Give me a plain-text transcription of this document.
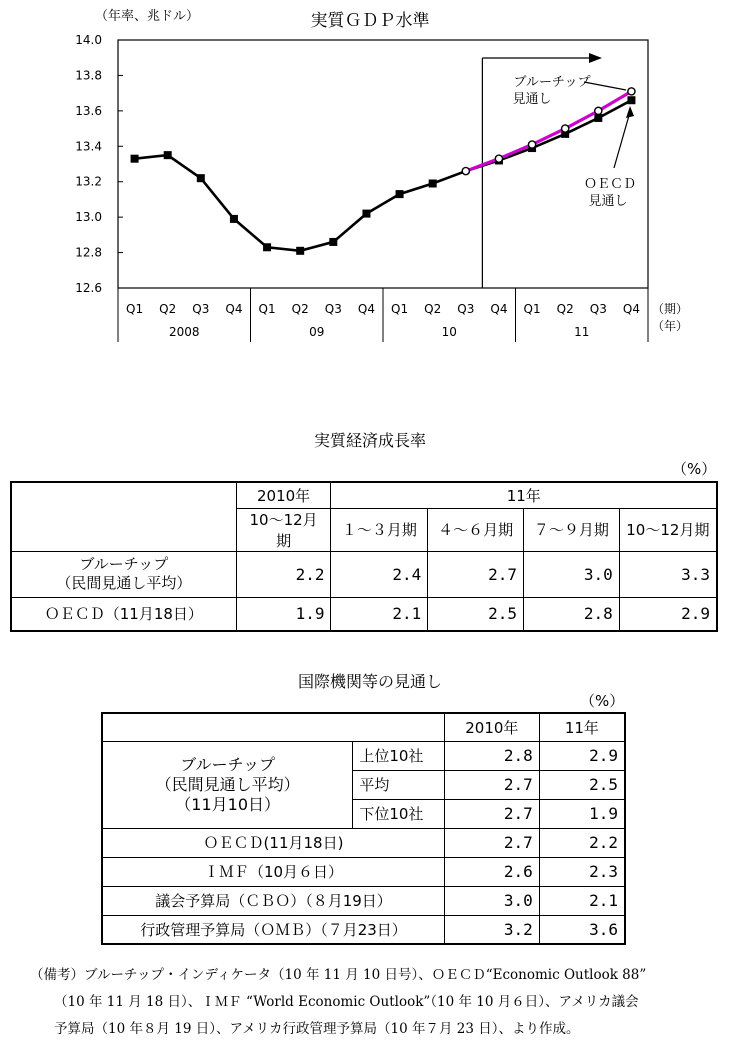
実質ＧＤＰ水準
（年率、兆ドル）
12.6
12.8
13.0
13.2
13.4
13.6
13.8
14.0
Q1 Q2 Q3 Q4 Q1 Q2 Q3 Q4 Q1 Q2 Q3 Q4 Q1 Q2 Q3 Q4
2008	09	10	11
ブルーチップ
見通し
ＯＥＣＤ
見通し
（期）
（年）
実質経済成長率
（%）
	2010年	11年			
	10～12月期	１～３月期	４～６月期	７～９月期	10～12月期
ブルーチップ
（民間見通し平均）	2.2	2.4	2.7	3.0	3.3
ＯＥＣＤ（11月18日）	1.9	2.1	2.5	2.8	2.9
国際機関等の見通し
（%）
		2010年	11年
ブルーチップ
（民間見通し平均）
（11月10日）	上位10社	2.8	2.9
	平均	2.7	2.5
	下位10社	2.7	1.9
ＯＥＣＤ(11月18日)		2.7	2.2
ＩＭＦ（10月６日）		2.6	2.3
議会予算局（ＣＢＯ）（８月19日）		3.0	2.1
行政管理予算局（ＯＭＢ）（７月23日）		3.2	3.6
（備考）ブルーチップ・インディケータ（10 年 11 月 10 日号）、ＯＥＣＤ“Economic Outlook 88”
（10 年 11 月 18 日）、ＩＭＦ “World Economic Outlook”（10 年 10 月６日）、アメリカ議会
予算局（10 年８月 19 日）、アメリカ行政管理予算局（10 年７月 23 日）、より作成。
